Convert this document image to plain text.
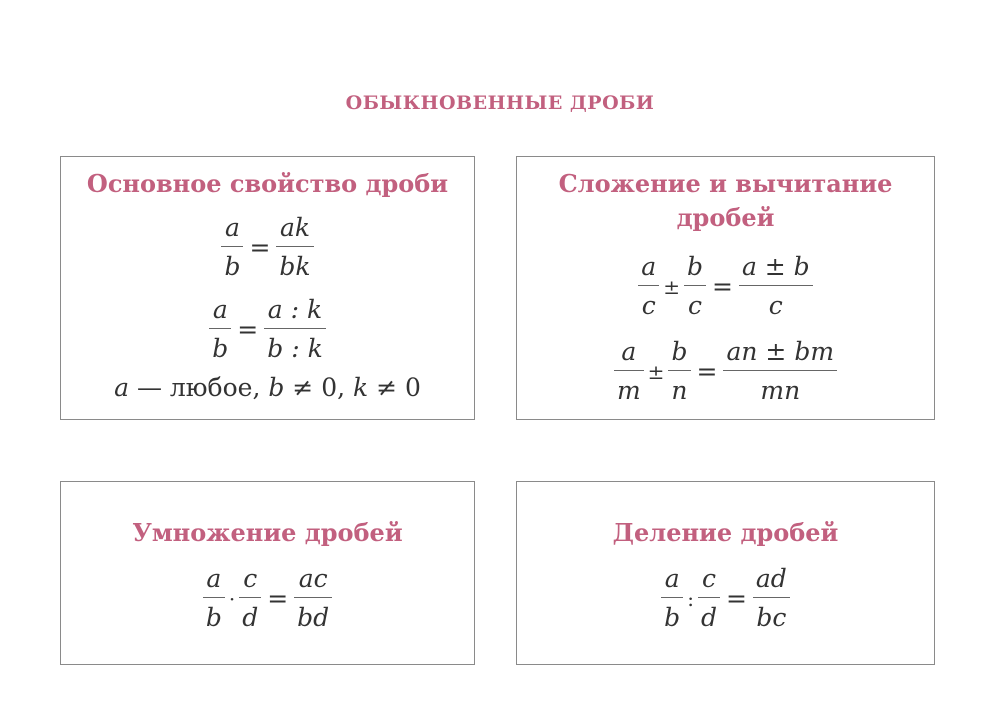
ОБЫКНОВЕННЫЕ ДРОБИ
Основное свойство дроби
$\frac{a}{b} = \frac{ak}{bk}$
$\frac{a}{b} = \frac{a : k}{b : k}$
a — любое, b ≠ 0, k ≠ 0
Сложение и вычитание
дробей
$\frac{a}{c} \pm \frac{b}{c} = \frac{a \pm b}{c}$
$\frac{a}{m} \pm \frac{b}{n} = \frac{an \pm bm}{mn}$
Умножение дробей
$\frac{a}{b} \cdot \frac{c}{d} = \frac{ac}{bd}$
Деление дробей
$\frac{a}{b}$ : $\frac{c}{d} = \frac{ad}{bc}$
